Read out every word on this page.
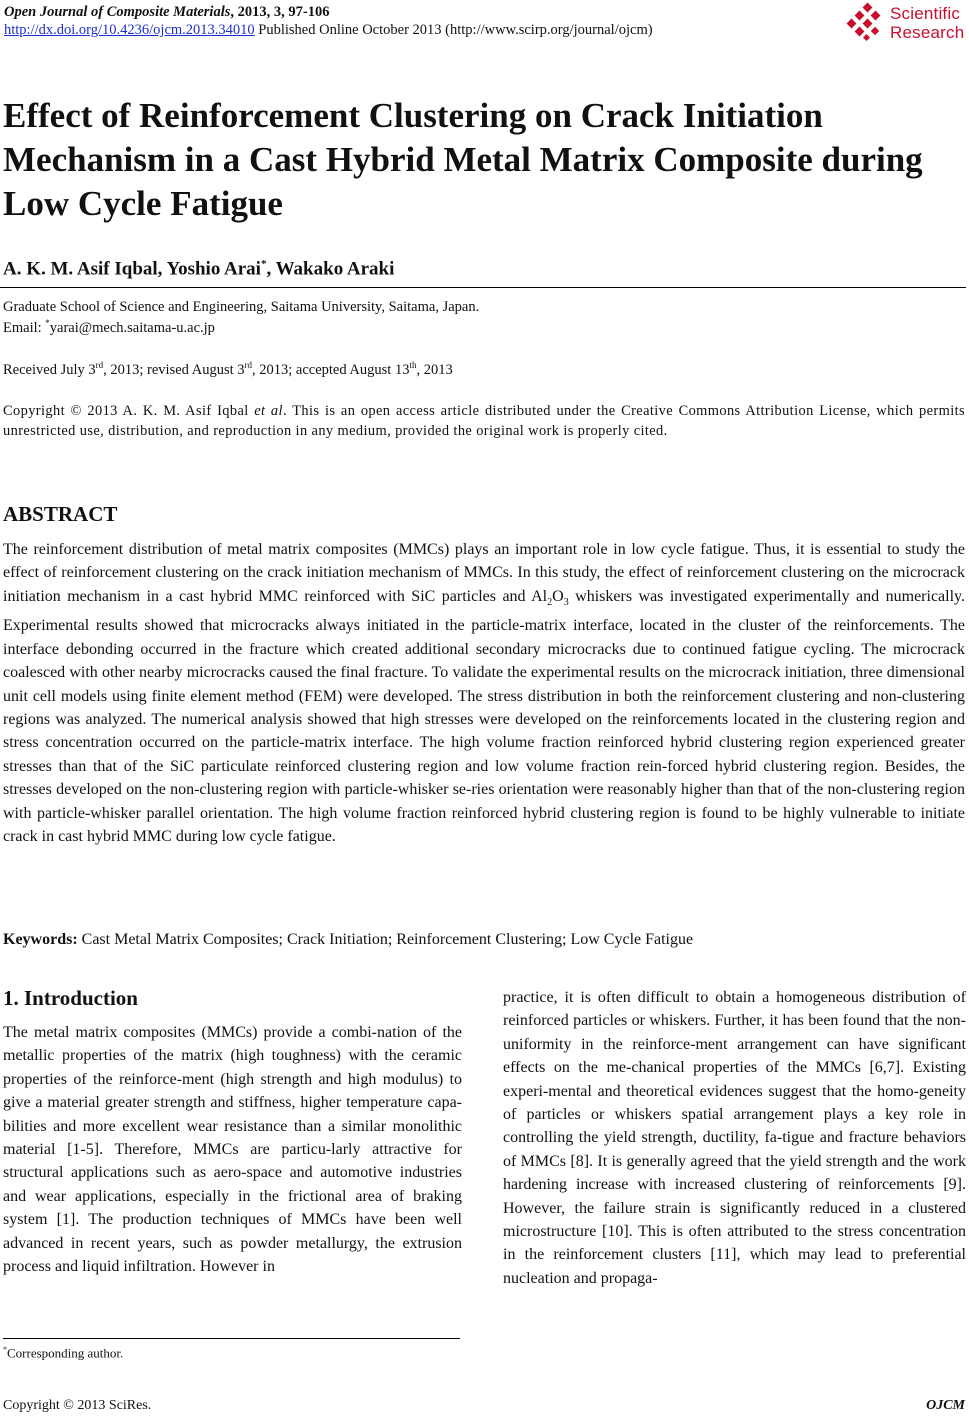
Open Journal of Composite Materials, 2013, 3, 97-106
http://dx.doi.org/10.4236/ojcm.2013.34010 Published Online October 2013 (http://www.scirp.org/journal/ojcm)
Scientific
Research
Effect of Reinforcement Clustering on Crack Initiation Mechanism in a Cast Hybrid Metal Matrix Composite during Low Cycle Fatigue
A. K. M. Asif Iqbal, Yoshio Arai*, Wakako Araki
Graduate School of Science and Engineering, Saitama University, Saitama, Japan.
Email: *yarai@mech.saitama-u.ac.jp
Received July 3rd, 2013; revised August 3rd, 2013; accepted August 13th, 2013
Copyright © 2013 A. K. M. Asif Iqbal et al. This is an open access article distributed under the Creative Commons Attribution License, which permits unrestricted use, distribution, and reproduction in any medium, provided the original work is properly cited.
ABSTRACT
The reinforcement distribution of metal matrix composites (MMCs) plays an important role in low cycle fatigue. Thus, it is essential to study the effect of reinforcement clustering on the crack initiation mechanism of MMCs. In this study, the effect of reinforcement clustering on the microcrack initiation mechanism in a cast hybrid MMC reinforced with SiC particles and $Al_2O_3$ whiskers was investigated experimentally and numerically. Experimental results showed that microcracks always initiated in the particle-matrix interface, located in the cluster of the reinforcements. The interface debonding occurred in the fracture which created additional secondary microcracks due to continued fatigue cycling. The microcrack coalesced with other nearby microcracks caused the final fracture. To validate the experimental results on the microcrack initiation, three dimensional unit cell models using finite element method (FEM) were developed. The stress distribution in both the reinforcement clustering and non-clustering regions was analyzed. The numerical analysis showed that high stresses were developed on the reinforcements located in the clustering region and stress concentration occurred on the particle-matrix interface. The high volume fraction reinforced hybrid clustering region experienced greater stresses than that of the SiC particulate reinforced clustering region and low volume fraction rein-forced hybrid clustering region. Besides, the stresses developed on the non-clustering region with particle-whisker se-ries orientation were reasonably higher than that of the non-clustering region with particle-whisker parallel orientation. The high volume fraction reinforced hybrid clustering region is found to be highly vulnerable to initiate crack in cast hybrid MMC during low cycle fatigue.
Keywords: Cast Metal Matrix Composites; Crack Initiation; Reinforcement Clustering; Low Cycle Fatigue
1. Introduction
The metal matrix composites (MMCs) provide a combi-nation of the metallic properties of the matrix (high toughness) with the ceramic properties of the reinforce-ment (high strength and high modulus) to give a material greater strength and stiffness, higher temperature capa-bilities and more excellent wear resistance than a similar monolithic material [1-5]. Therefore, MMCs are particu-larly attractive for structural applications such as aero-space and automotive industries and wear applications, especially in the frictional area of braking system [1]. The production techniques of MMCs have been well advanced in recent years, such as powder metallurgy, the extrusion process and liquid infiltration. However in
practice, it is often difficult to obtain a homogeneous distribution of reinforced particles or whiskers. Further, it has been found that the non-uniformity in the reinforce-ment arrangement can have significant effects on the me-chanical properties of the MMCs [6,7]. Existing experi-mental and theoretical evidences suggest that the homo-geneity of particles or whiskers spatial arrangement plays a key role in controlling the yield strength, ductility, fa-tigue and fracture behaviors of MMCs [8]. It is generally agreed that the yield strength and the work hardening increase with increased clustering of reinforcements [9]. However, the failure strain is significantly reduced in a clustered microstructure [10]. This is often attributed to the stress concentration in the reinforcement clusters [11], which may lead to preferential nucleation and propaga-
*Corresponding author.
Copyright © 2013 SciRes.	OJCM
